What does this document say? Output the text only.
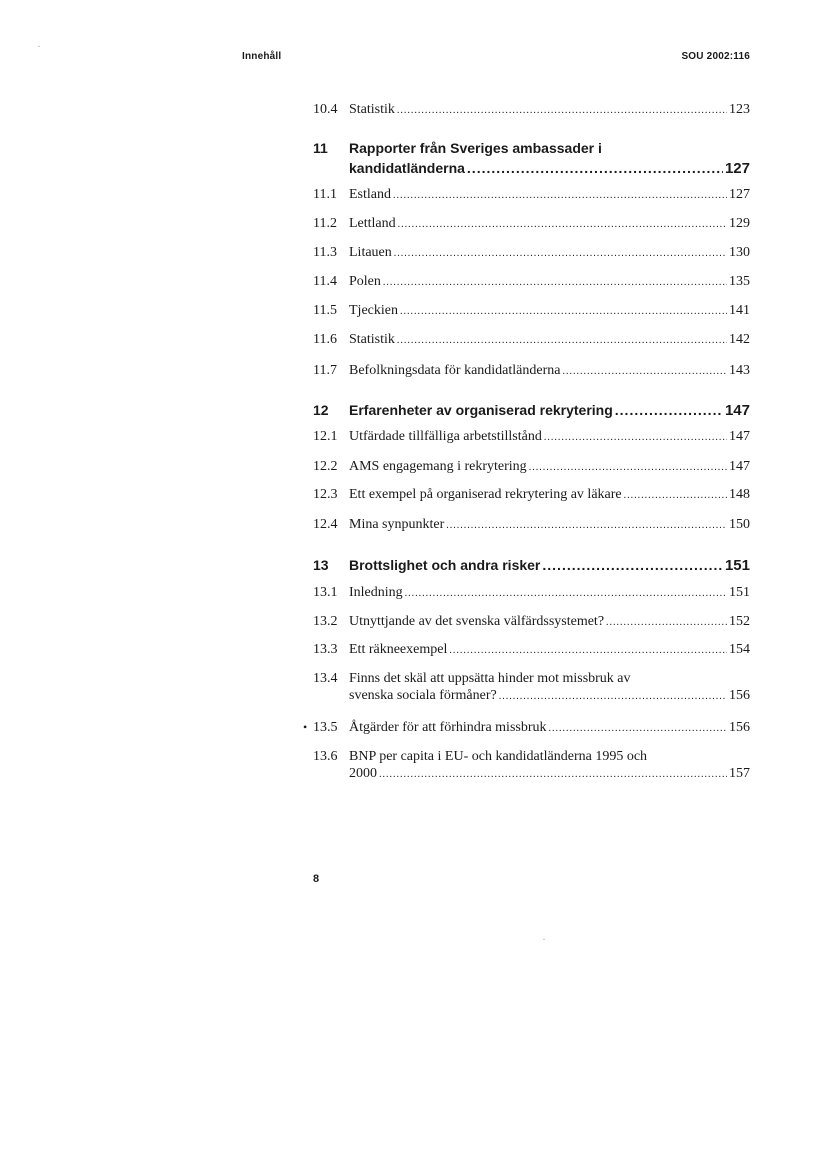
Innehåll	SOU 2002:116
10.4 Statistik .....	123
11	Rapporter från Sveriges ambassader i
kandidatländerna .....	127
11.1 Estland .....	127
11.2 Lettland .....	129
11.3 Litauen .....	130
11.4 Polen .....	135
11.5 Tjeckien .....	141
11.6 Statistik .....	142
11.7 Befolkningsdata för kandidatländerna .....	143
12	Erfarenheter av organiserad rekrytering .....	147
12.1 Utfärdade tillfälliga arbetstillstånd .....	147
12.2 AMS engagemang i rekrytering .....	147
12.3 Ett exempel på organiserad rekrytering av läkare .....	148
12.4 Mina synpunkter .....	150
13	Brottslighet och andra risker .....	151
13.1 Inledning .....	151
13.2 Utnyttjande av det svenska välfärdssystemet? .....	152
13.3 Ett räkneexempel .....	154
13.4 Finns det skäl att uppsätta hinder mot missbruk av
svenska sociala förmåner? .....	156
• 13.5 Åtgärder för att förhindra missbruk .....	156
13.6 BNP per capita i EU- och kandidatländerna 1995 och
2000 .....	157
8
